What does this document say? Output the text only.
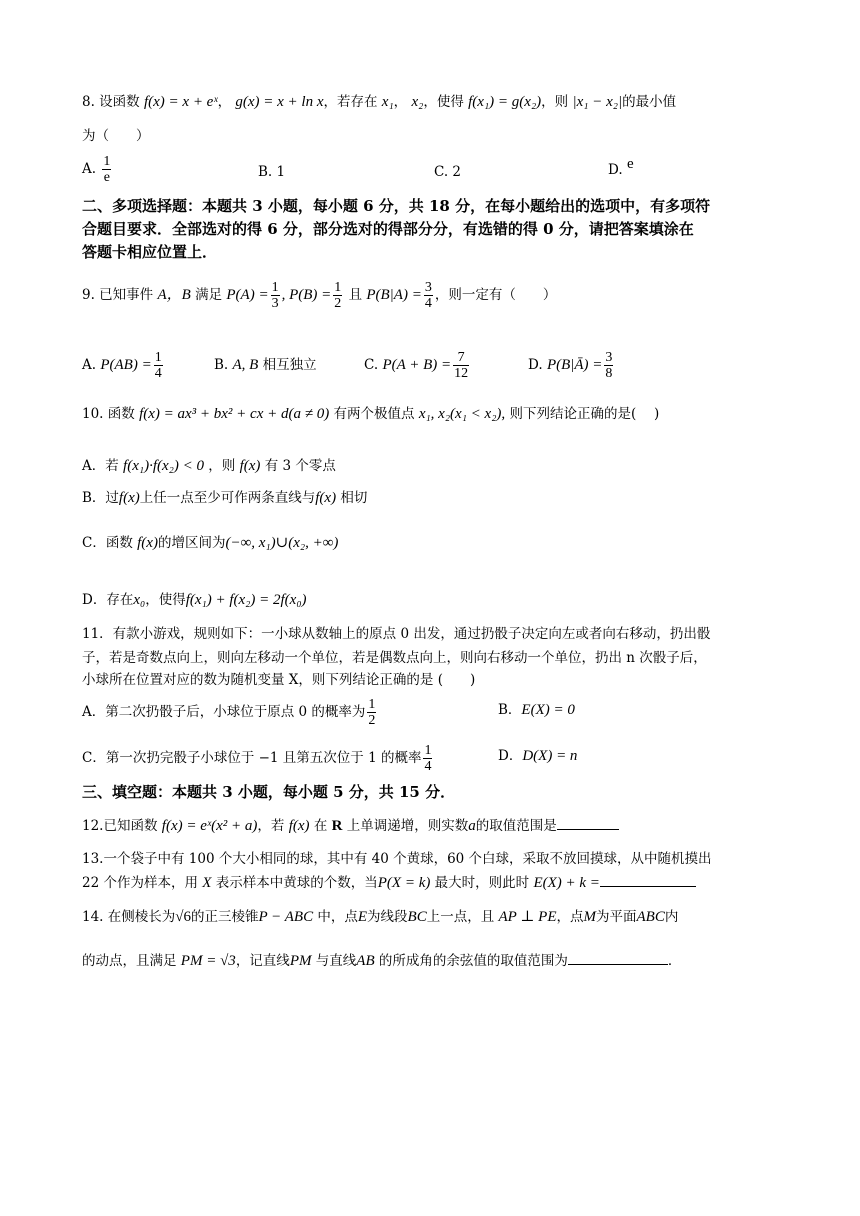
8. 设函数 f(x) = x + eˣ， g(x) = x + ln x，若存在 x₁， x₂，使得 f(x₁) = g(x₂)，则 |x₁ − x₂|的最小值
为（　　）
A. $\frac{1}{e}$	B. 1	C. 2	D. e
二、多项选择题：本题共 3 小题，每小题 6 分，共 18 分，在每小题给出的选项中，有多项符
合题目要求．全部选对的得 6 分，部分选对的得部分分，有选错的得 0 分，请把答案填涂在
答题卡相应位置上．
9. 已知事件 A，B 满足 $P(A) = \frac{1}{3}$ , $P(B) = \frac{1}{2}$ 且 $P(B|A) = \frac{3}{4}$ ，则一定有（　　）
A. $P(AB) = \frac{1}{4}$	B. A, B 相互独立	C. $P(A + B) = \frac{7}{12}$	D. P(B|Ā) = $\frac{3}{8}$
10. 函数 f(x) = ax³ + bx² + cx + d(a ≠ 0) 有两个极值点 x₁, x₂(x₁ < x₂), 则下列结论正确的是(　 )
A．若 f(x₁)·f(x₂) < 0 ，则 f(x) 有 3 个零点
B．过f(x)上任一点至少可作两条直线与f(x) 相切
C．函数 f(x)的增区间为(−∞, x₁)∪(x₂, +∞)
D．存在x₀，使得f(x₁) + f(x₂) = 2f(x₀)
11．有款小游戏，规则如下：一小球从数轴上的原点 0 出发，通过扔骰子决定向左或者向右移动，扔出骰
子，若是奇数点向上，则向左移动一个单位，若是偶数点向上，则向右移动一个单位，扔出 n 次骰子后，
小球所在位置对应的数为随机变量 X，则下列结论正确的是 (　　)
A．第二次扔骰子后，小球位于原点 0 的概率为 $\frac{1}{2}$	B．E(X) = 0
C．第一次扔完骰子小球位于 −1 且第五次位于 1 的概率 $\frac{1}{4}$	D．D(X) = n
三、填空题：本题共 3 小题，每小题 5 分，共 15 分．
12.已知函数 f(x) = eˣ(x² + a)，若 f(x) 在 R 上单调递增，则实数a的取值范围是
13.一个袋子中有 100 个大小相同的球，其中有 40 个黄球，60 个白球，采取不放回摸球，从中随机摸出
22 个作为样本，用 X 表示样本中黄球的个数，当P(X = k) 最大时，则此时 E(X) + k =
14. 在侧棱长为√6的正三棱锥P − ABC 中，点E为线段BC上一点，且 AP ⊥ PE，点M为平面ABC内
的动点，且满足 PM = √3，记直线PM 与直线AB 的所成角的余弦值的取值范围为	．
